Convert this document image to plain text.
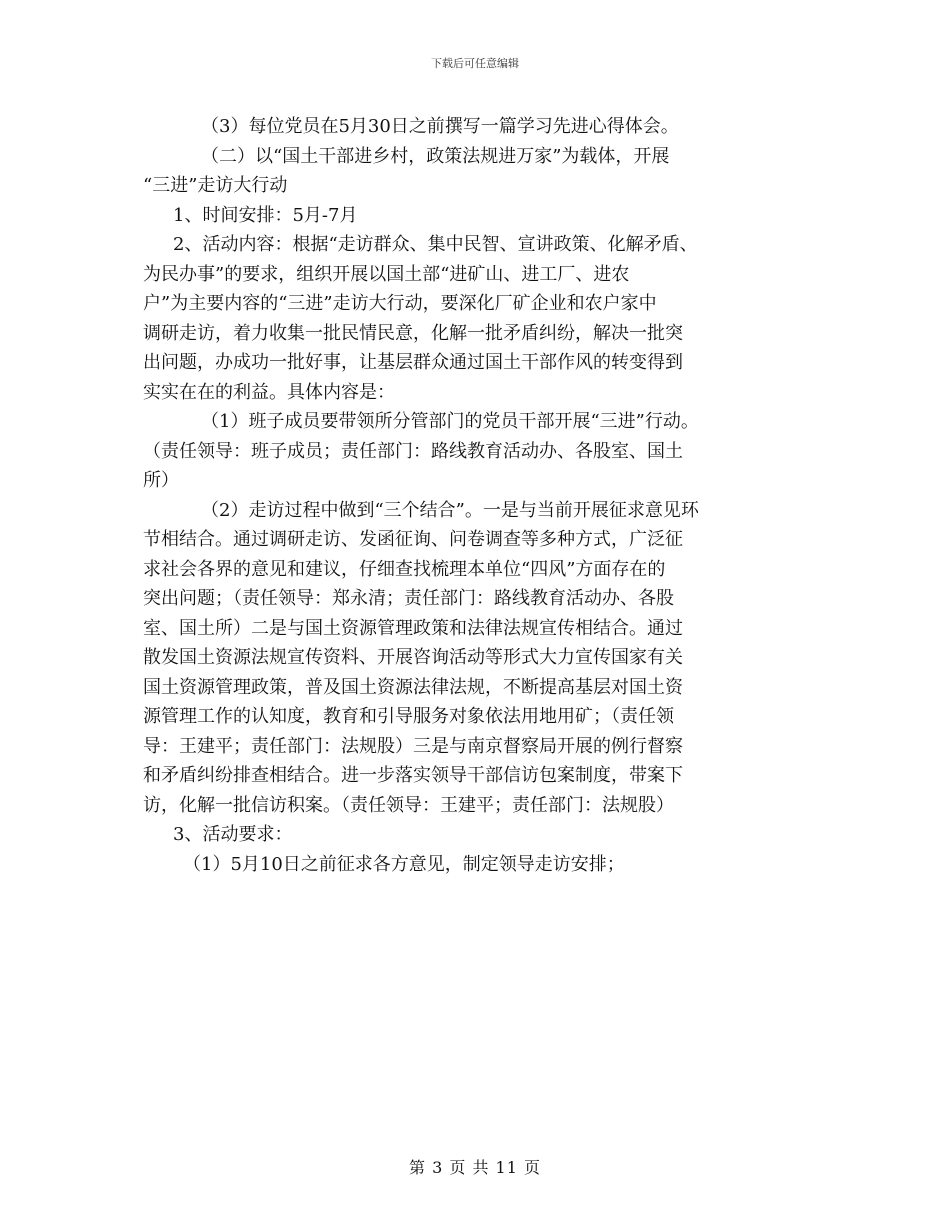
下载后可任意编辑
（3）每位党员在5月30日之前撰写一篇学习先进心得体会。
（二）以“国土干部进乡村，政策法规进万家”为载体，开展
“三进”走访大行动
1、时间安排：5月-7月
2、活动内容：根据“走访群众、集中民智、宣讲政策、化解矛盾、
为民办事”的要求，组织开展以国土部“进矿山、进工厂、进农
户”为主要内容的“三进”走访大行动，要深化厂矿企业和农户家中
调研走访，着力收集一批民情民意，化解一批矛盾纠纷，解决一批突
出问题，办成功一批好事，让基层群众通过国土干部作风的转变得到
实实在在的利益。具体内容是：
（1）班子成员要带领所分管部门的党员干部开展“三进”行动。
（责任领导：班子成员；责任部门：路线教育活动办、各股室、国土
所）
（2）走访过程中做到“三个结合”。一是与当前开展征求意见环
节相结合。通过调研走访、发函征询、问卷调查等多种方式，广泛征
求社会各界的意见和建议，仔细查找梳理本单位“四风”方面存在的
突出问题；（责任领导：郑永清；责任部门：路线教育活动办、各股
室、国土所）二是与国土资源管理政策和法律法规宣传相结合。通过
散发国土资源法规宣传资料、开展咨询活动等形式大力宣传国家有关
国土资源管理政策，普及国土资源法律法规，不断提高基层对国土资
源管理工作的认知度，教育和引导服务对象依法用地用矿；（责任领
导：王建平；责任部门：法规股）三是与南京督察局开展的例行督察
和矛盾纠纷排查相结合。进一步落实领导干部信访包案制度，带案下
访，化解一批信访积案。（责任领导：王建平；责任部门：法规股）
3、活动要求：
（1）5月10日之前征求各方意见，制定领导走访安排；
第 3 页 共 11 页
